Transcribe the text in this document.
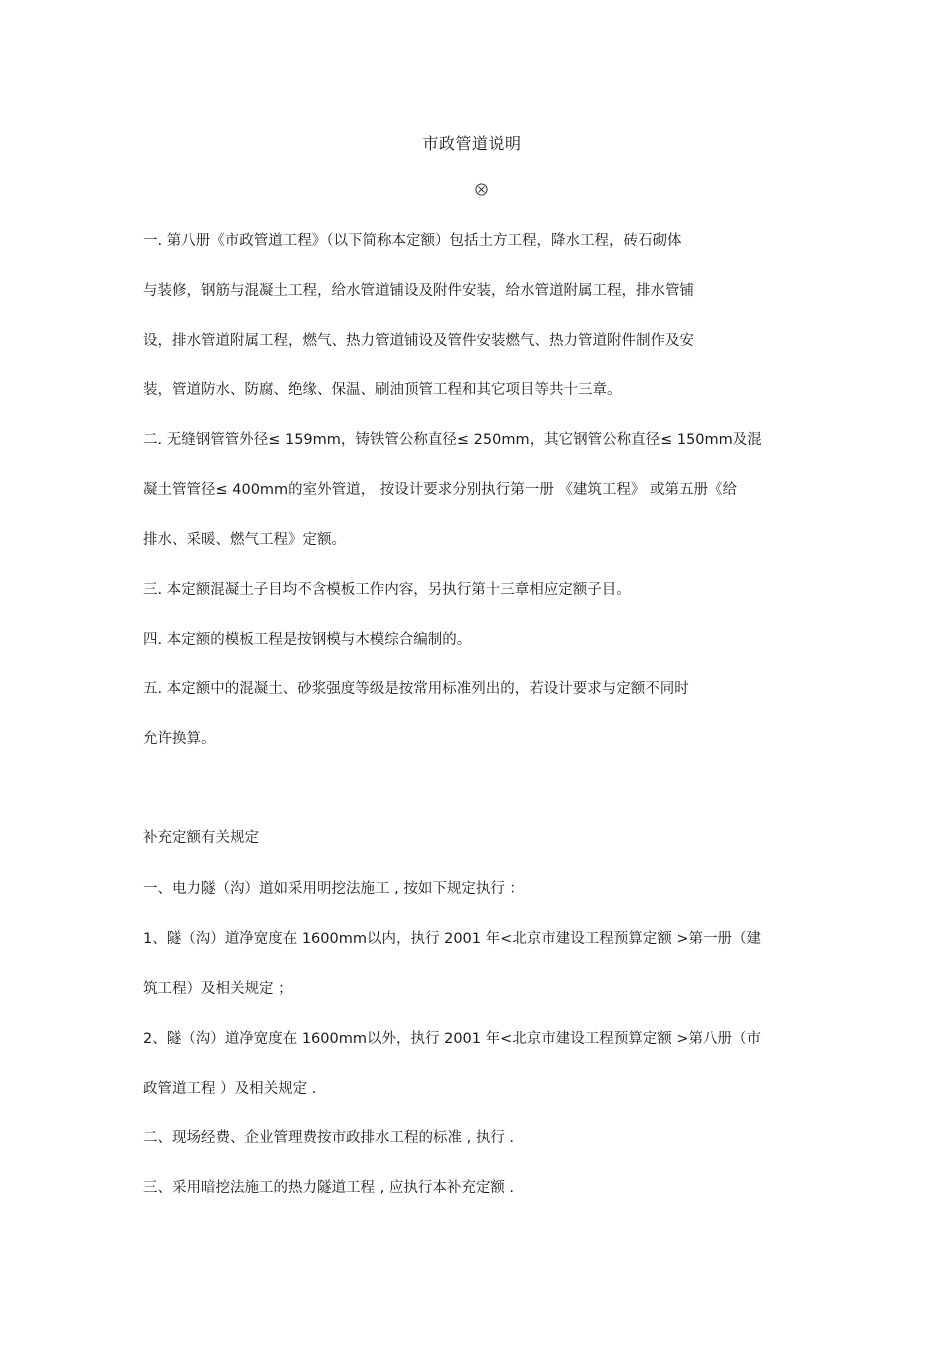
市政管道说明
一. 第八册《市政管道工程》（以下简称本定额）包括土方工程，降水工程，砖石砌体
与装修，钢筋与混凝土工程，给水管道铺设及附件安装，给水管道附属工程，排水管铺
设，排水管道附属工程，燃气、热力管道铺设及管件安装燃气、热力管道附件制作及安
装，管道防水、防腐、绝缘、保温、刷油顶管工程和其它项目等共十三章。
二. 无缝钢管管外径≤ 159mm，铸铁管公称直径≤ 250mm，其它钢管公称直径≤ 150mm及混
凝土管管径≤ 400mm的室外管道， 按设计要求分别执行第一册 《建筑工程》 或第五册《给
排水、采暖、燃气工程》定额。
三. 本定额混凝土子目均不含模板工作内容，另执行第十三章相应定额子目。
四. 本定额的模板工程是按钢模与木模综合编制的。
五. 本定额中的混凝土、砂浆强度等级是按常用标准列出的，若设计要求与定额不同时
允许换算。
补充定额有关规定
一、电力隧（沟）道如采用明挖法施工 , 按如下规定执行 ：
1、隧（沟）道净宽度在 1600mm以内，执行 2001 年<北京市建设工程预算定额 >第一册（建
筑工程）及相关规定 ；
2、隧（沟）道净宽度在 1600mm以外，执行 2001 年<北京市建设工程预算定额 >第八册（市
政管道工程 ）及相关规定 .
二、现场经费、企业管理费按市政排水工程的标准 , 执行 .
三、采用暗挖法施工的热力隧道工程 , 应执行本补充定额 .
